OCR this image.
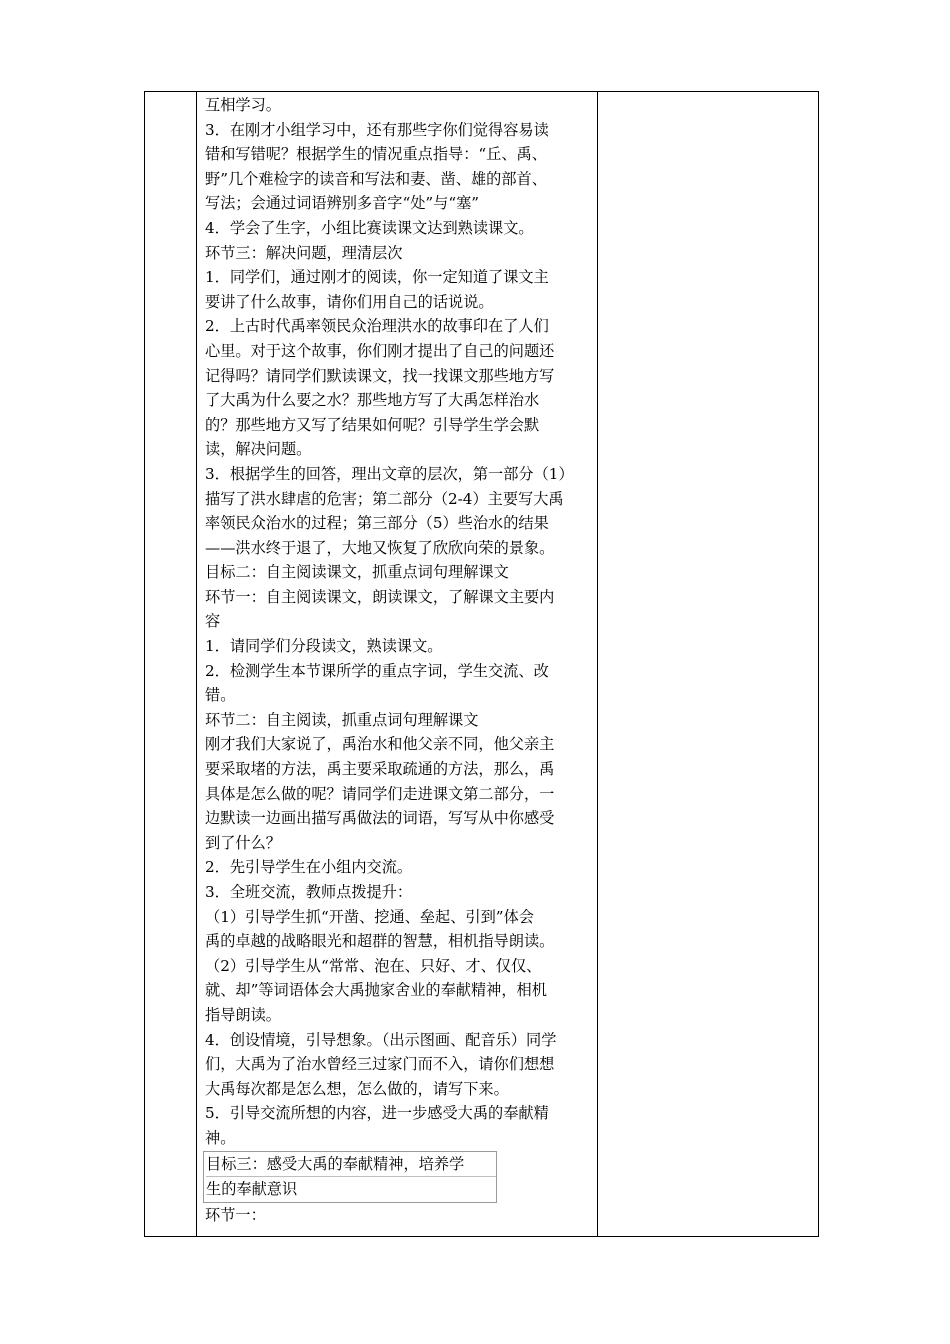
互相学习。
3．在刚才小组学习中，还有那些字你们觉得容易读
错和写错呢？根据学生的情况重点指导：“丘、禹、
野”几个难检字的读音和写法和妻、凿、雄的部首、
写法；会通过词语辨别多音字“处”与“塞”
4．学会了生字，小组比赛读课文达到熟读课文。
环节三：解决问题，理清层次
1．同学们，通过刚才的阅读，你一定知道了课文主
要讲了什么故事，请你们用自己的话说说。
2．上古时代禹率领民众治理洪水的故事印在了人们
心里。对于这个故事，你们刚才提出了自己的问题还
记得吗？请同学们默读课文，找一找课文那些地方写
了大禹为什么要之水？那些地方写了大禹怎样治水
的？那些地方又写了结果如何呢？引导学生学会默
读，解决问题。
3．根据学生的回答，理出文章的层次，第一部分（1）
描写了洪水肆虐的危害；第二部分（2-4）主要写大禹
率领民众治水的过程；第三部分（5）些治水的结果
——洪水终于退了，大地又恢复了欣欣向荣的景象。
目标二：自主阅读课文，抓重点词句理解课文
环节一：自主阅读课文，朗读课文，了解课文主要内
容
1．请同学们分段读文，熟读课文。
2．检测学生本节课所学的重点字词，学生交流、改
错。
环节二：自主阅读，抓重点词句理解课文
刚才我们大家说了，禹治水和他父亲不同，他父亲主
要采取堵的方法，禹主要采取疏通的方法，那么，禹
具体是怎么做的呢？请同学们走进课文第二部分，一
边默读一边画出描写禹做法的词语，写写从中你感受
到了什么？
2．先引导学生在小组内交流。
3．全班交流，教师点拨提升：
（1）引导学生抓“开凿、挖通、垒起、引到”体会
禹的卓越的战略眼光和超群的智慧，相机指导朗读。
（2）引导学生从“常常、泡在、只好、才、仅仅、
就、却”等词语体会大禹抛家舍业的奉献精神，相机
指导朗读。
4．创设情境，引导想象。（出示图画、配音乐）同学
们，大禹为了治水曾经三过家门而不入，请你们想想
大禹每次都是怎么想，怎么做的，请写下来。
5．引导交流所想的内容，进一步感受大禹的奉献精
神。
目标三：感受大禹的奉献精神，培养学
生的奉献意识
环节一：
